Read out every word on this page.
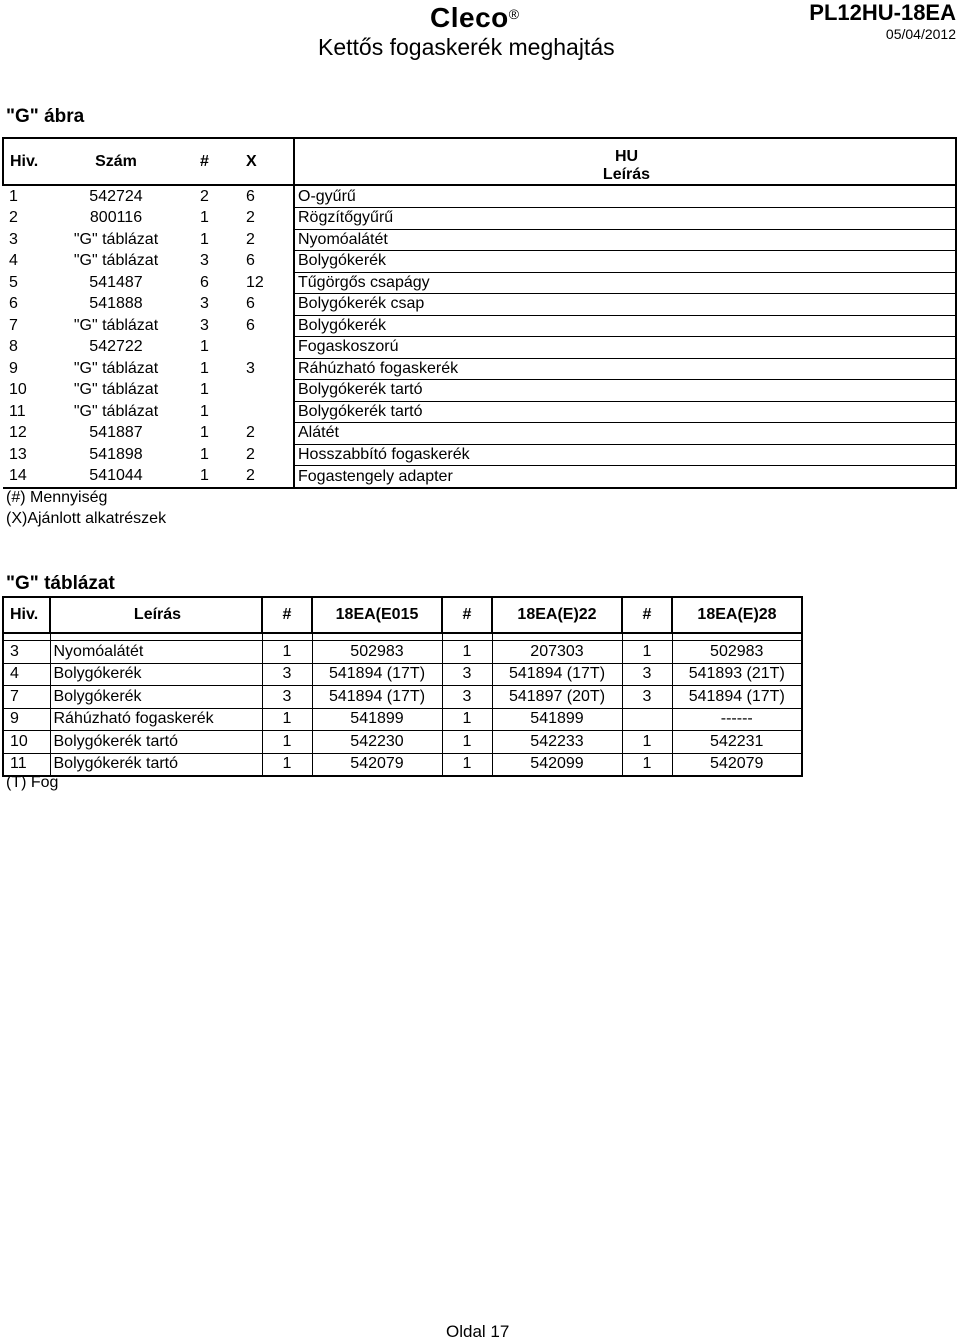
Cleco®
Kettős fogaskerék meghajtás
PL12HU-18EA
05/04/2012
"G" ábra
Hiv.	Szám	#	X	HU
Leírás

1	542724	2	6	O-gyűrű
2	800116	1	2	Rögzítőgyűrű
3	"G" táblázat	1	2	Nyomóalátét
4	"G" táblázat	3	6	Bolygókerék
5	541487	6	12	Tűgörgős csapágy
6	541888	3	6	Bolygókerék csap
7	"G" táblázat	3	6	Bolygókerék
8	542722	1		Fogaskoszorú
9	"G" táblázat	1	3	Ráhúzható fogaskerék
10	"G" táblázat	1		Bolygókerék tartó
11	"G" táblázat	1		Bolygókerék tartó
12	541887	1	2	Alátét
13	541898	1	2	Hosszabbító fogaskerék
14	541044	1	2	Fogastengely adapter
(#) Mennyiség
(X)Ajánlott alkatrészek
"G" táblázat
Hiv.	Leírás	#	18EA(E015	#	18EA(E)22	#	18EA(E)28

3	Nyomóalátét	1	502983	1	207303	1	502983
4	Bolygókerék	3	541894 (17T)	3	541894 (17T)	3	541893 (21T)
7	Bolygókerék	3	541894 (17T)	3	541897 (20T)	3	541894 (17T)
9	Ráhúzható fogaskerék	1	541899	1	541899		------
10	Bolygókerék tartó	1	542230	1	542233	1	542231
11	Bolygókerék tartó	1	542079	1	542099	1	542079
(T) Fog
Oldal 17
